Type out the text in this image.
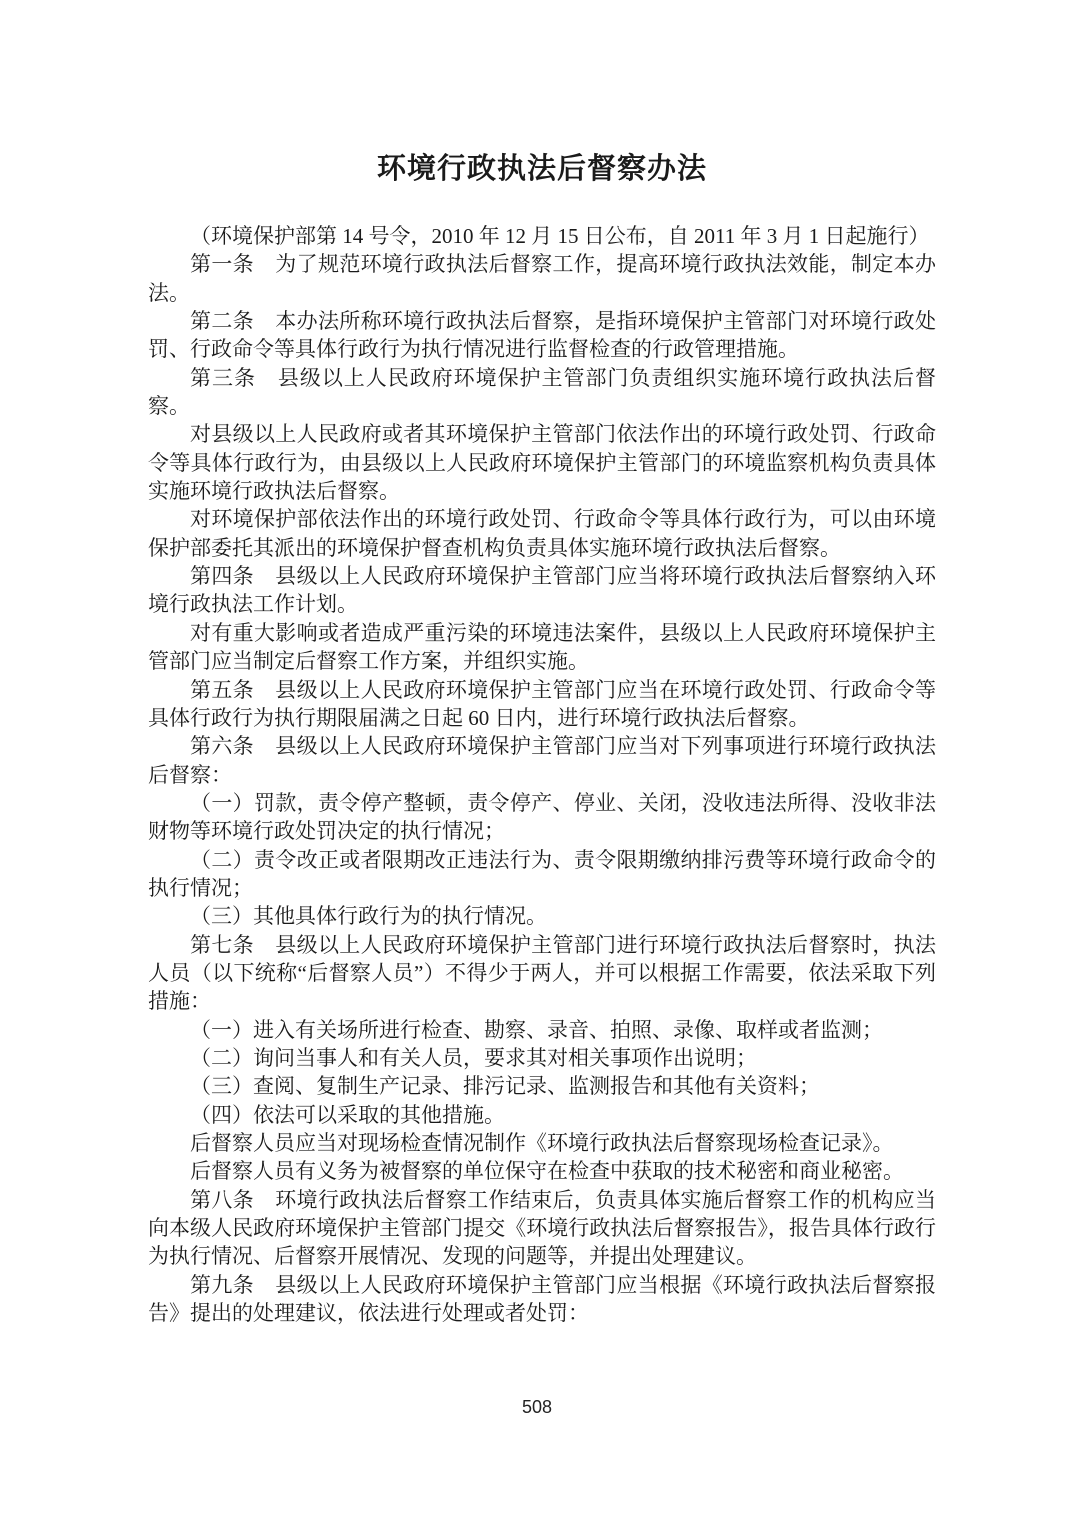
环境行政执法后督察办法

（环境保护部第 14 号令，2010 年 12 月 15 日公布，自 2011 年 3 月 1 日起施行）

第一条　为了规范环境行政执法后督察工作，提高环境行政执法效能，制定本办法。

第二条　本办法所称环境行政执法后督察，是指环境保护主管部门对环境行政处罚、行政命令等具体行政行为执行情况进行监督检查的行政管理措施。

第三条　县级以上人民政府环境保护主管部门负责组织实施环境行政执法后督察。

对县级以上人民政府或者其环境保护主管部门依法作出的环境行政处罚、行政命令等具体行政行为，由县级以上人民政府环境保护主管部门的环境监察机构负责具体实施环境行政执法后督察。

对环境保护部依法作出的环境行政处罚、行政命令等具体行政行为，可以由环境保护部委托其派出的环境保护督查机构负责具体实施环境行政执法后督察。

第四条　县级以上人民政府环境保护主管部门应当将环境行政执法后督察纳入环境行政执法工作计划。

对有重大影响或者造成严重污染的环境违法案件，县级以上人民政府环境保护主管部门应当制定后督察工作方案，并组织实施。

第五条　县级以上人民政府环境保护主管部门应当在环境行政处罚、行政命令等具体行政行为执行期限届满之日起 60 日内，进行环境行政执法后督察。

第六条　县级以上人民政府环境保护主管部门应当对下列事项进行环境行政执法后督察：

（一）罚款，责令停产整顿，责令停产、停业、关闭，没收违法所得、没收非法财物等环境行政处罚决定的执行情况；

（二）责令改正或者限期改正违法行为、责令限期缴纳排污费等环境行政命令的执行情况；

（三）其他具体行政行为的执行情况。

第七条　县级以上人民政府环境保护主管部门进行环境行政执法后督察时，执法人员（以下统称“后督察人员”）不得少于两人，并可以根据工作需要，依法采取下列措施：

（一）进入有关场所进行检查、勘察、录音、拍照、录像、取样或者监测；

（二）询问当事人和有关人员，要求其对相关事项作出说明；

（三）查阅、复制生产记录、排污记录、监测报告和其他有关资料；

（四）依法可以采取的其他措施。

后督察人员应当对现场检查情况制作《环境行政执法后督察现场检查记录》。

后督察人员有义务为被督察的单位保守在检查中获取的技术秘密和商业秘密。

第八条　环境行政执法后督察工作结束后，负责具体实施后督察工作的机构应当向本级人民政府环境保护主管部门提交《环境行政执法后督察报告》，报告具体行政行为执行情况、后督察开展情况、发现的问题等，并提出处理建议。

第九条　县级以上人民政府环境保护主管部门应当根据《环境行政执法后督察报告》提出的处理建议，依法进行处理或者处罚：

508
